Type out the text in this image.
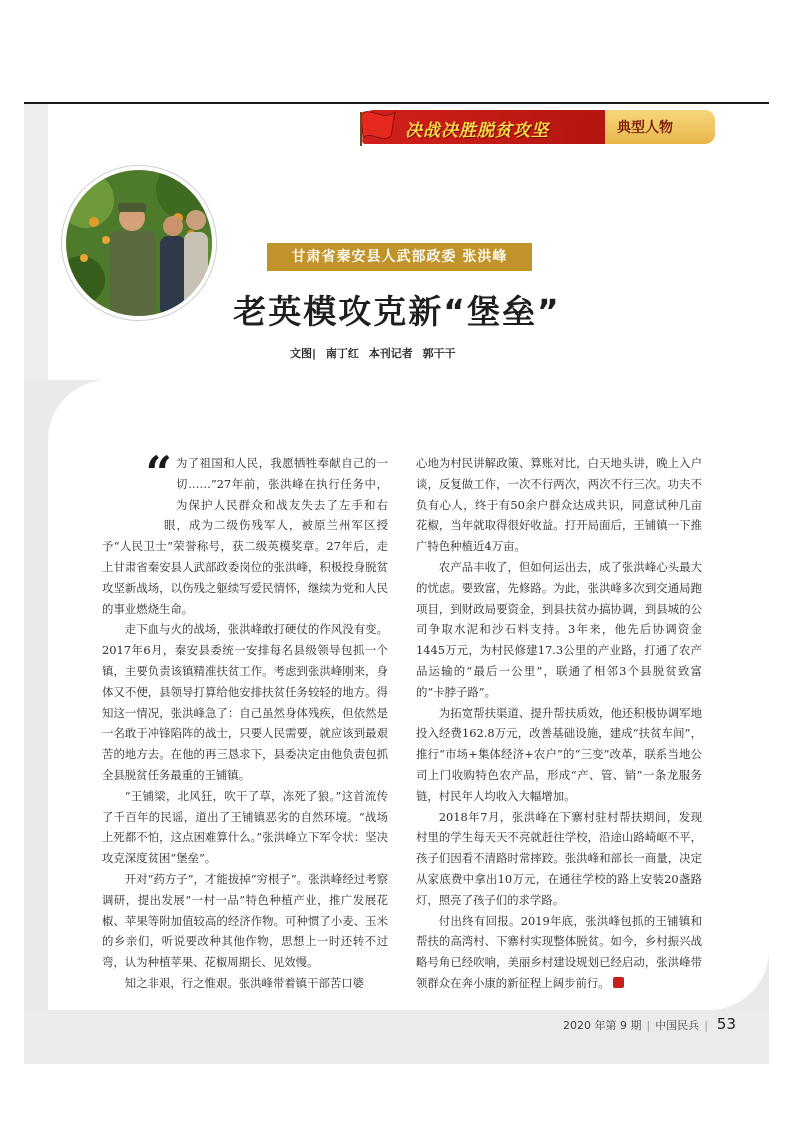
决战决胜脱贫攻坚	典型人物
甘肃省秦安县人武部政委 张洪峰
老英模攻克新“堡垒”
文图| 南丁红 本刊记者 郭干干
“ 为了祖国和人民，我愿牺牲奉献自己的一切……”27年前，张洪峰在执行任务中，为保护人民群众和战友失去了左手和右眼，成为二级伤残军人，被原兰州军区授予“人民卫士”荣誉称号，获二级英模奖章。27年后，走上甘肃省秦安县人武部政委岗位的张洪峰，积极投身脱贫攻坚新战场，以伤残之躯续写爱民情怀，继续为党和人民的事业燃烧生命。

走下血与火的战场，张洪峰敢打硬仗的作风没有变。2017年6月，秦安县委统一安排每名县级领导包抓一个镇，主要负责该镇精准扶贫工作。考虑到张洪峰刚来，身体又不便，县领导打算给他安排扶贫任务较轻的地方。得知这一情况，张洪峰急了：自己虽然身体残疾，但依然是一名敢于冲锋陷阵的战士，只要人民需要，就应该到最艰苦的地方去。在他的再三恳求下，县委决定由他负责包抓全县脱贫任务最重的王铺镇。

“王铺梁，北风狂，吹干了草，冻死了狼。”这首流传了千百年的民谣，道出了王铺镇恶劣的自然环境。“战场上死都不怕，这点困难算什么。”张洪峰立下军令状：坚决攻克深度贫困“堡垒”。

开对“药方子”，才能拔掉“穷根子”。张洪峰经过考察调研，提出发展“一村一品”特色种植产业，推广发展花椒、苹果等附加值较高的经济作物。可种惯了小麦、玉米的乡亲们，听说要改种其他作物，思想上一时还转不过弯，认为种植苹果、花椒周期长、见效慢。

知之非艰，行之惟艰。张洪峰带着镇干部苦口婆

心地为村民讲解政策、算账对比，白天地头讲，晚上入户谈，反复做工作，一次不行两次，两次不行三次。功夫不负有心人，终于有50余户群众达成共识，同意试种几亩花椒，当年就取得很好收益。打开局面后，王铺镇一下推广特色种植近4万亩。

农产品丰收了，但如何运出去，成了张洪峰心头最大的忧虑。要致富，先修路。为此，张洪峰多次到交通局跑项目，到财政局要资金，到县扶贫办搞协调，到县城的公司争取水泥和沙石料支持。3年来，他先后协调资金1445万元，为村民修建17.3公里的产业路，打通了农产品运输的“最后一公里”，联通了相邻3个县脱贫致富的“卡脖子路”。

为拓宽帮扶渠道、提升帮扶质效，他还积极协调军地投入经费162.8万元，改善基础设施，建成“扶贫车间”，推行“市场+集体经济+农户”的“三变”改革，联系当地公司上门收购特色农产品，形成“产、管、销”一条龙服务链，村民年人均收入大幅增加。

2018年7月，张洪峰在下寨村驻村帮扶期间，发现村里的学生每天天不亮就赶往学校，沿途山路崎岖不平，孩子们因看不清路时常摔跤。张洪峰和部长一商量，决定从家底费中拿出10万元，在通往学校的路上安装20盏路灯，照亮了孩子们的求学路。

付出终有回报。2019年底，张洪峰包抓的王铺镇和帮扶的高湾村、下寨村实现整体脱贫。如今，乡村振兴战略号角已经吹响，美丽乡村建设规划已经启动，张洪峰带领群众在奔小康的新征程上阔步前行。

2020 年第 9 期 | 中国民兵 | 53
